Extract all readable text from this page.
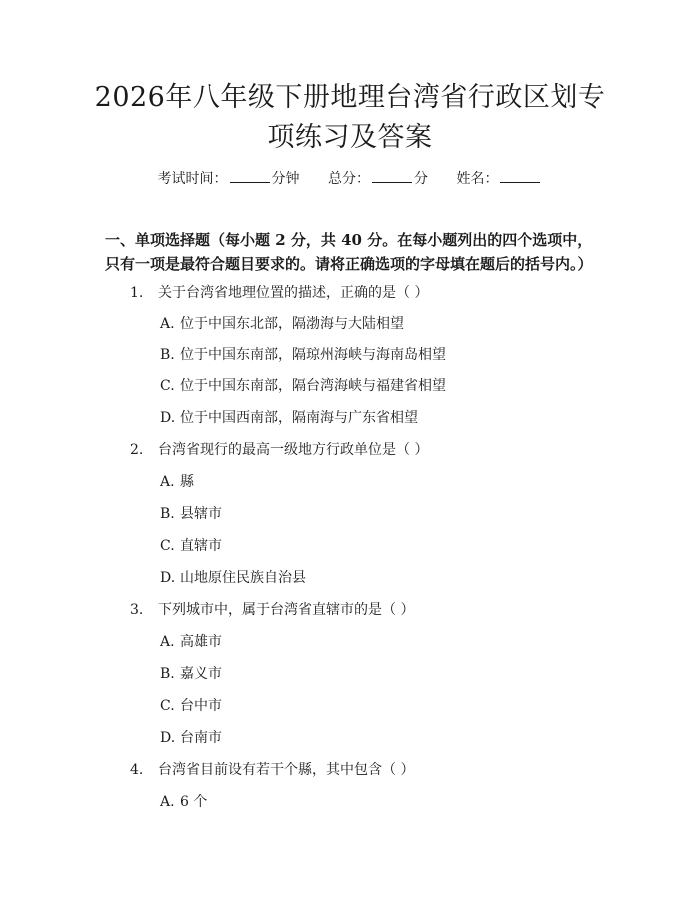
2026年八年级下册地理台湾省行政区划专项练习及答案
考试时间：	分钟 总分：	分 姓名：
一、单项选择题（每小题 2 分，共 40 分。在每小题列出的四个选项中，只有一项是最符合题目要求的。请将正确选项的字母填在题后的括号内。）
1. 关于台湾省地理位置的描述，正确的是（ ）
A. 位于中国东北部，隔渤海与大陆相望
B. 位于中国东南部，隔琼州海峡与海南岛相望
C. 位于中国东南部，隔台湾海峡与福建省相望
D. 位于中国西南部，隔南海与广东省相望
2. 台湾省现行的最高一级地方行政单位是（ ）
A. 縣
B. 县辖市
C. 直辖市
D. 山地原住民族自治县
3. 下列城市中，属于台湾省直辖市的是（ ）
A. 高雄市
B. 嘉义市
C. 台中市
D. 台南市
4. 台湾省目前设有若干个縣，其中包含（ ）
A. 6 个
